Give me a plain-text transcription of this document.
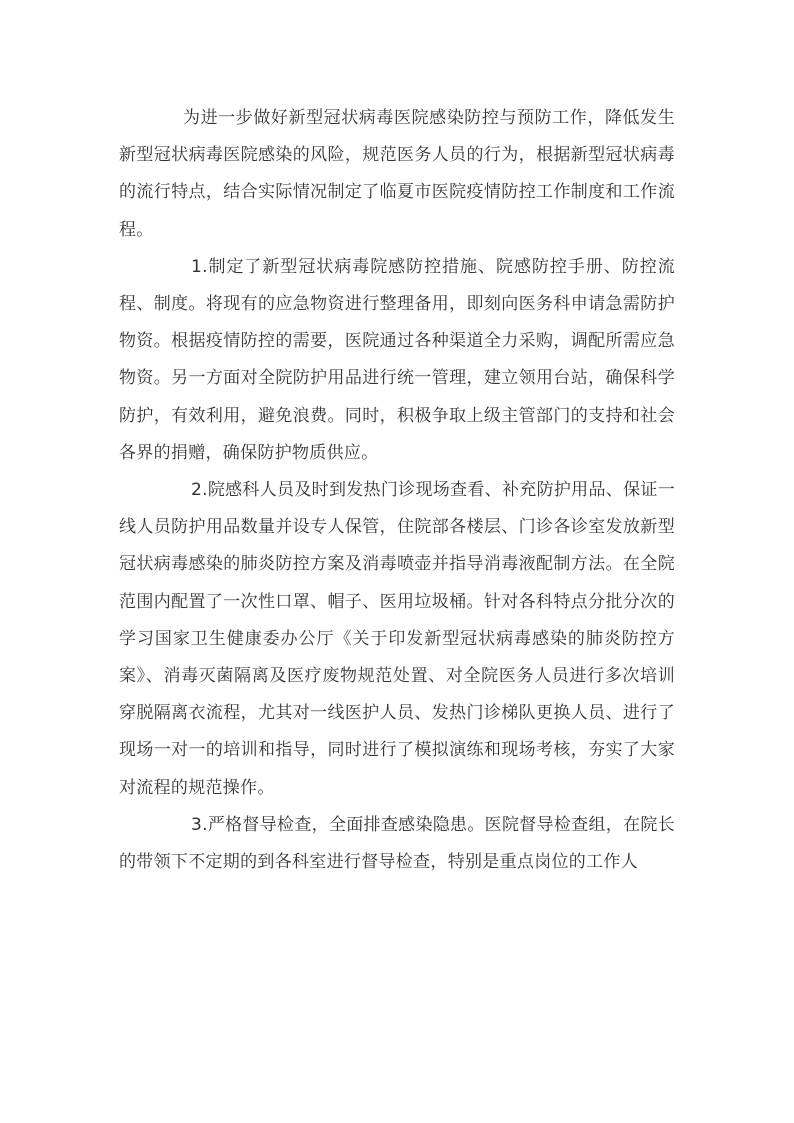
为进一步做好新型冠状病毒医院感染防控与预防工作，降低发生新型冠状病毒医院感染的风险，规范医务人员的行为，根据新型冠状病毒的流行特点，结合实际情况制定了临夏市医院疫情防控工作制度和工作流程。

1.制定了新型冠状病毒院感防控措施、院感防控手册、防控流程、制度。将现有的应急物资进行整理备用，即刻向医务科申请急需防护物资。根据疫情防控的需要，医院通过各种渠道全力采购，调配所需应急物资。另一方面对全院防护用品进行统一管理，建立领用台站，确保科学防护，有效利用，避免浪费。同时，积极争取上级主管部门的支持和社会各界的捐赠，确保防护物质供应。

2.院感科人员及时到发热门诊现场查看、补充防护用品、保证一线人员防护用品数量并设专人保管，住院部各楼层、门诊各诊室发放新型冠状病毒感染的肺炎防控方案及消毒喷壶并指导消毒液配制方法。在全院范围内配置了一次性口罩、帽子、医用垃圾桶。针对各科特点分批分次的学习国家卫生健康委办公厅《关于印发新型冠状病毒感染的肺炎防控方案》、消毒灭菌隔离及医疗废物规范处置、对全院医务人员进行多次培训穿脱隔离衣流程，尤其对一线医护人员、发热门诊梯队更换人员、进行了现场一对一的培训和指导，同时进行了模拟演练和现场考核，夯实了大家对流程的规范操作。

3.严格督导检查，全面排查感染隐患。医院督导检查组，在院长的带领下不定期的到各科室进行督导检查，特别是重点岗位的工作人
